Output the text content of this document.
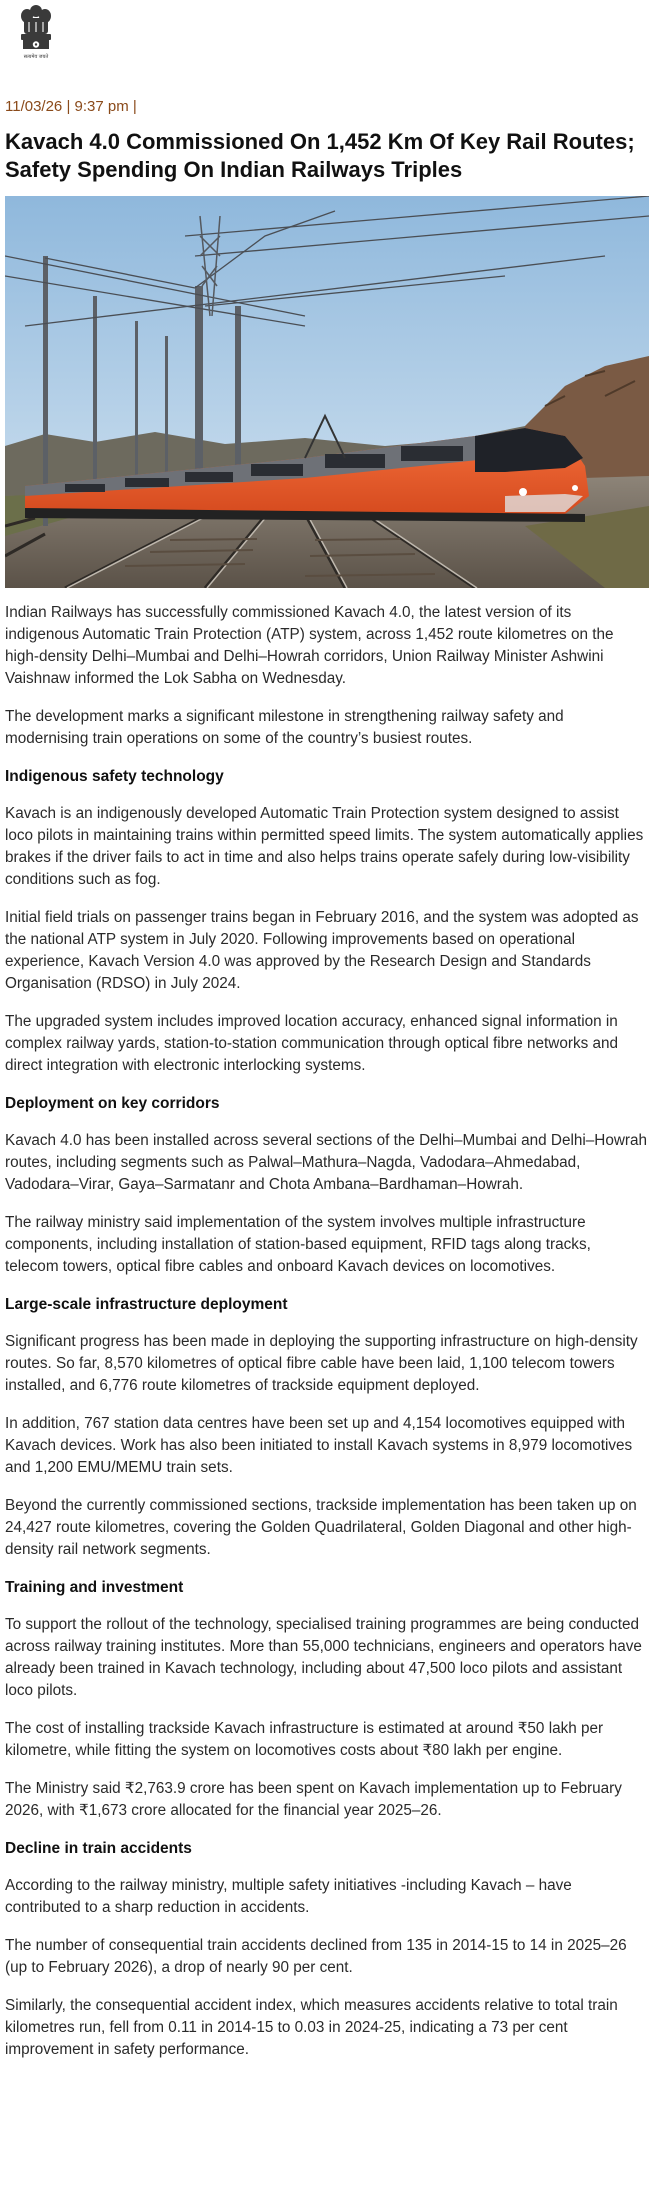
सत्यमेव जयते
11/03/26 | 9:37 pm |
Kavach 4.0 Commissioned On 1,452 Km Of Key Rail Routes; Safety Spending On Indian Railways Triples

Indian Railways has successfully commissioned Kavach 4.0, the latest version of its indigenous Automatic Train Protection (ATP) system, across 1,452 route kilometres on the high-density Delhi–Mumbai and Delhi–Howrah corridors, Union Railway Minister Ashwini Vaishnaw informed the Lok Sabha on Wednesday.

The development marks a significant milestone in strengthening railway safety and modernising train operations on some of the country’s busiest routes.

Indigenous safety technology

Kavach is an indigenously developed Automatic Train Protection system designed to assist loco pilots in maintaining trains within permitted speed limits. The system automatically applies brakes if the driver fails to act in time and also helps trains operate safely during low-visibility conditions such as fog.

Initial field trials on passenger trains began in February 2016, and the system was adopted as the national ATP system in July 2020. Following improvements based on operational experience, Kavach Version 4.0 was approved by the Research Design and Standards Organisation (RDSO) in July 2024.

The upgraded system includes improved location accuracy, enhanced signal information in complex railway yards, station-to-station communication through optical fibre networks and direct integration with electronic interlocking systems.

Deployment on key corridors

Kavach 4.0 has been installed across several sections of the Delhi–Mumbai and Delhi–Howrah routes, including segments such as Palwal–Mathura–Nagda, Vadodara–Ahmedabad, Vadodara–Virar, Gaya–Sarmatanr and Chota Ambana–Bardhaman–Howrah.

The railway ministry said implementation of the system involves multiple infrastructure components, including installation of station-based equipment, RFID tags along tracks, telecom towers, optical fibre cables and onboard Kavach devices on locomotives.

Large-scale infrastructure deployment

Significant progress has been made in deploying the supporting infrastructure on high-density routes. So far, 8,570 kilometres of optical fibre cable have been laid, 1,100 telecom towers installed, and 6,776 route kilometres of trackside equipment deployed.

In addition, 767 station data centres have been set up and 4,154 locomotives equipped with Kavach devices. Work has also been initiated to install Kavach systems in 8,979 locomotives and 1,200 EMU/MEMU train sets.

Beyond the currently commissioned sections, trackside implementation has been taken up on 24,427 route kilometres, covering the Golden Quadrilateral, Golden Diagonal and other high-density rail network segments.

Training and investment

To support the rollout of the technology, specialised training programmes are being conducted across railway training institutes. More than 55,000 technicians, engineers and operators have already been trained in Kavach technology, including about 47,500 loco pilots and assistant loco pilots.

The cost of installing trackside Kavach infrastructure is estimated at around ₹50 lakh per kilometre, while fitting the system on locomotives costs about ₹80 lakh per engine.

The Ministry said ₹2,763.9 crore has been spent on Kavach implementation up to February 2026, with ₹1,673 crore allocated for the financial year 2025–26.

Decline in train accidents

According to the railway ministry, multiple safety initiatives -including Kavach – have contributed to a sharp reduction in accidents.

The number of consequential train accidents declined from 135 in 2014-15 to 14 in 2025–26 (up to February 2026), a drop of nearly 90 per cent.

Similarly, the consequential accident index, which measures accidents relative to total train kilometres run, fell from 0.11 in 2014-15 to 0.03 in 2024-25, indicating a 73 per cent improvement in safety performance.
